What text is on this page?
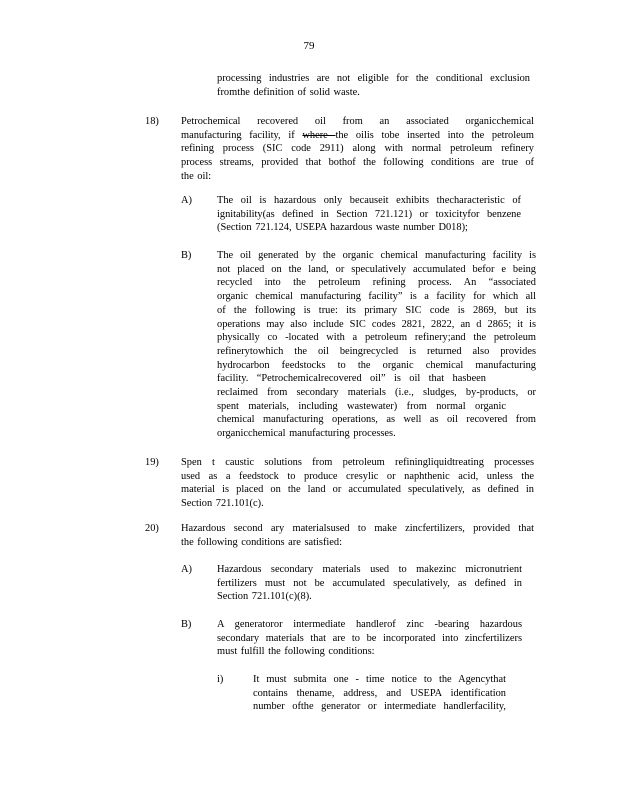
79
processing industries are not eligible for the conditional exclusion
fromthe definition of solid waste.
18) Petrochemical recovered oil from an associated organicchemical
manufacturing facility, if where the oilis tobe inserted into the petroleum
refining process (SIC code 2911) along with normal petroleum refinery
process streams, provided that bothof the following conditions are true of
the oil:
A) The oil is hazardous only becauseit exhibits thecharacteristic of
ignitability(as defined in Section 721.121) or toxicityfor benzene
(Section 721.124, USEPA hazardous waste number D018);
B) The oil generated by the organic chemical manufacturing facility is
not placed on the land, or speculatively accumulated befor e being
recycled into the petroleum refining process. An “associated
organic chemical manufacturing facility” is a facility for which all
of the following is true: its primary SIC code is 2869, but its
operations may also include SIC codes 2821, 2822, an d 2865; it is
physically co -located with a petroleum refinery;and the petroleum
refinerytowhich the oil beingrecycled is returned also provides
hydrocarbon feedstocks to the organic chemical manufacturing
facility. “Petrochemicalrecovered oil” is oil that hasbeen
reclaimed from secondary materials (i.e., sludges, by-products, or
spent materials, including wastewater) from normal organic
chemical manufacturing operations, as well as oil recovered from
organicchemical manufacturing processes.
19) Spen t caustic solutions from petroleum refiningliquidtreating processes
used as a feedstock to produce cresylic or naphthenic acid, unless the
material is placed on the land or accumulated speculatively, as defined in
Section 721.101(c).
20) Hazardous second ary materialsused to make zincfertilizers, provided that
the following conditions are satisfied:
A) Hazardous secondary materials used to makezinc micronutrient
fertilizers must not be accumulated speculatively, as defined in
Section 721.101(c)(8).
B) A generatoror intermediate handlerof zinc -bearing hazardous
secondary materials that are to be incorporated into zincfertilizers
must fulfill the following conditions:
i)	It must submita one - time notice to the Agencythat
contains thename, address, and USEPA identification
number ofthe generator or intermediate handlerfacility,
